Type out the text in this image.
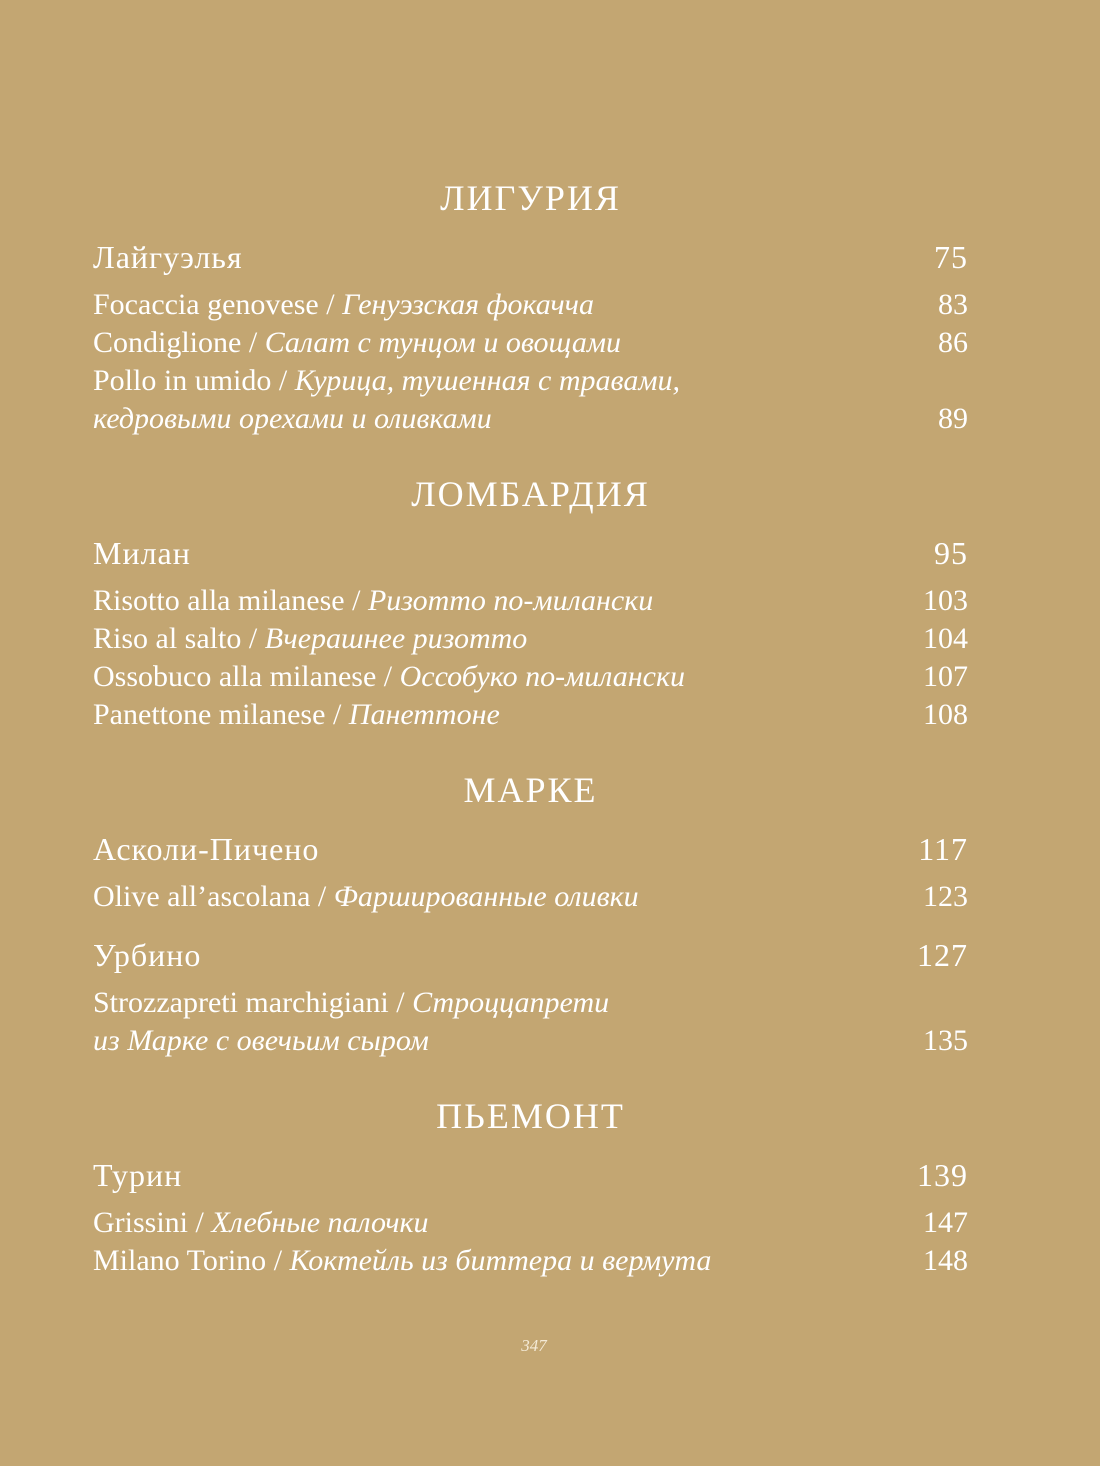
ЛИГУРИЯ
Лайгуэлья	75
Focaccia genovese / Генуэзская фокачча	83
Condiglione / Салат с тунцом и овощами	86
Pollo in umido / Курица, тушенная с травами,
кедровыми орехами и оливками	89
ЛОМБАРДИЯ
Милан	95
Risotto alla milanese / Ризотто по-милански	103
Riso al salto / Вчерашнее ризотто	104
Ossobuco alla milanese / Оссобуко по-милански	107
Panettone milanese / Панеттоне	108
МАРКЕ
Асколи-Пичено	117
Olive all’ascolana / Фаршированные оливки	123
Урбино	127
Strozzapreti marchigiani / Строццапрети
из Марке с овечьим сыром	135
ПЬЕМОНТ
Турин	139
Grissini / Хлебные палочки	147
Milano Torino / Коктейль из биттера и вермута	148
347
